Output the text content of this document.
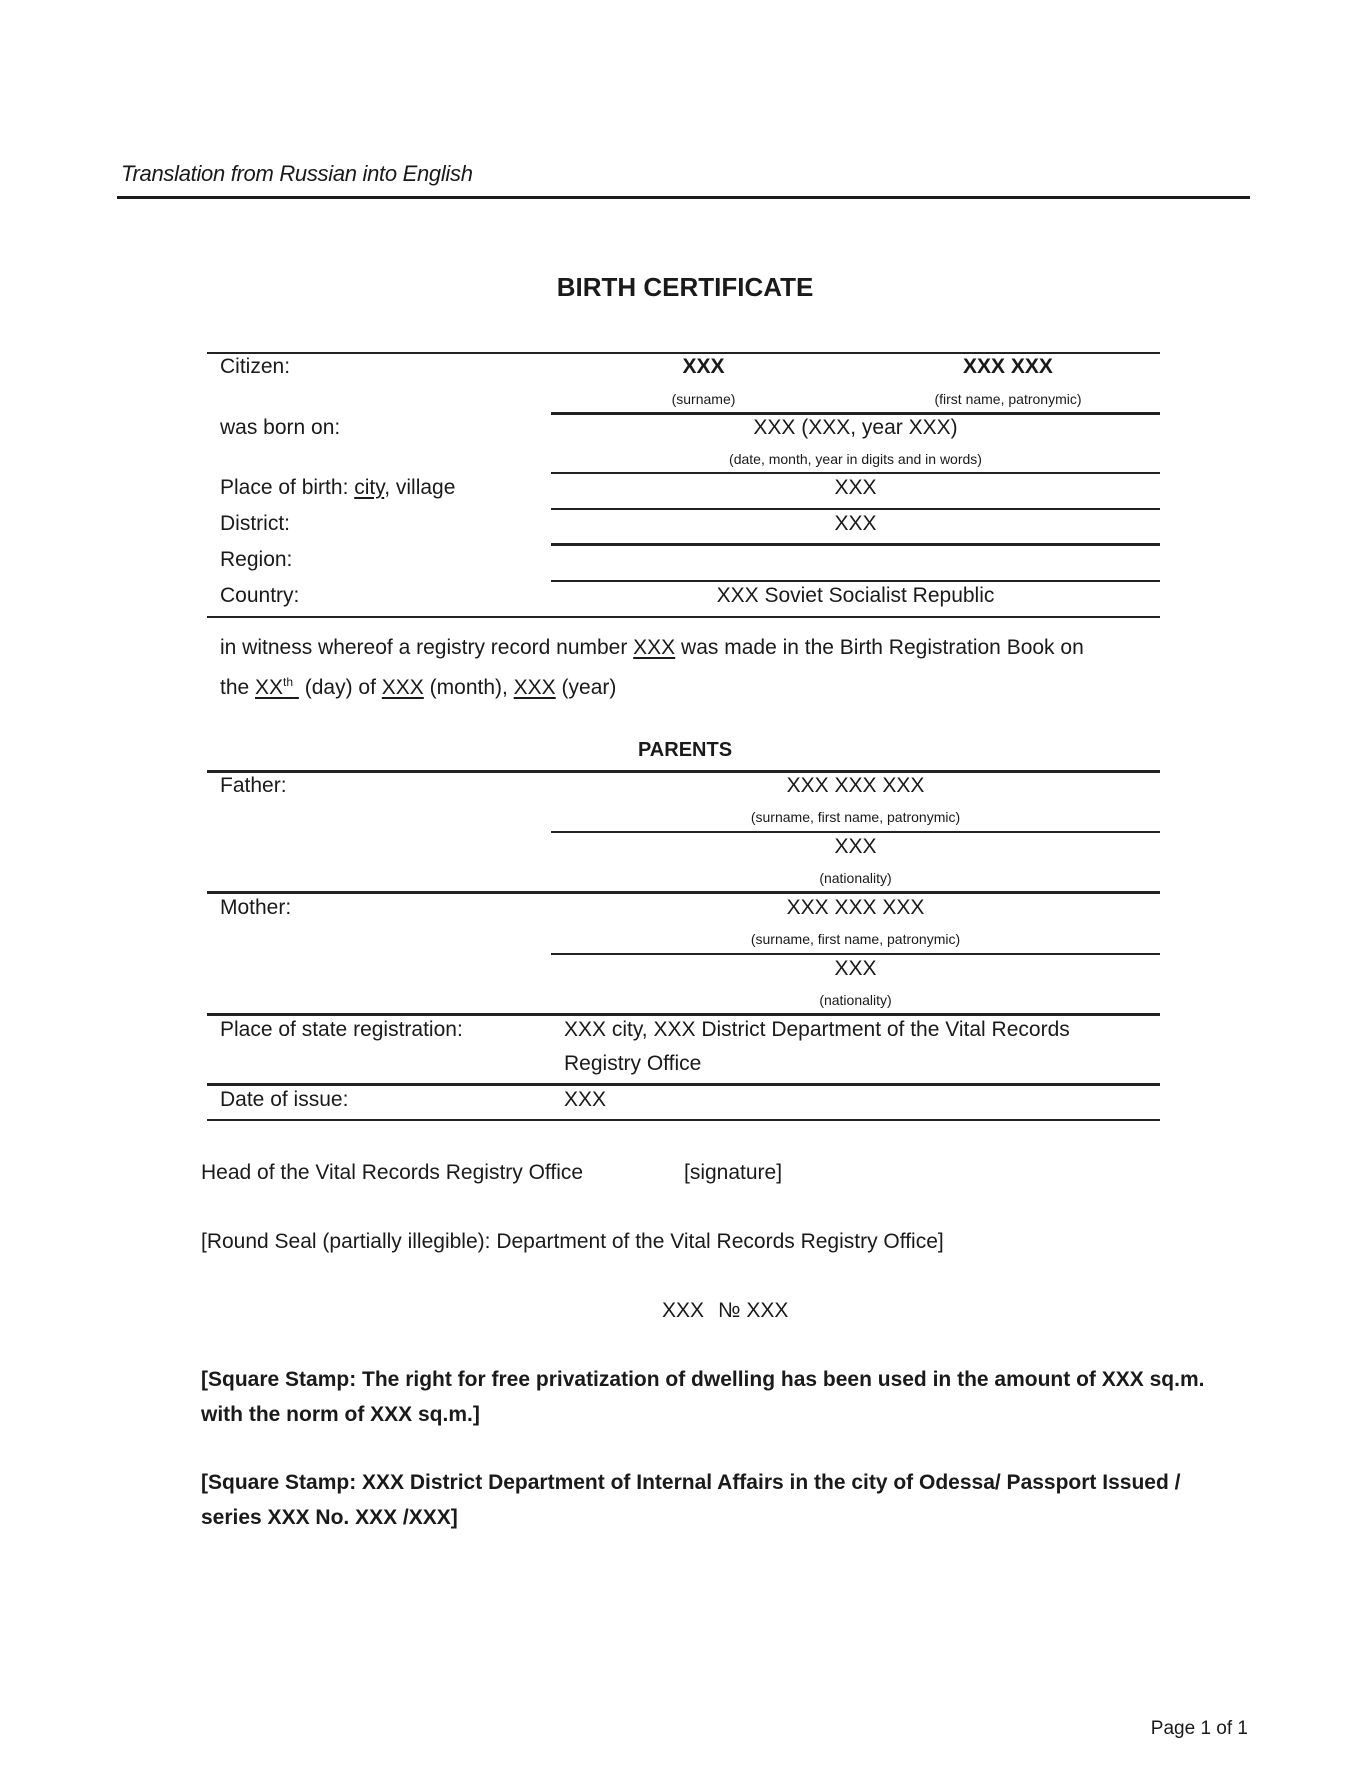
Translation from Russian into English
BIRTH CERTIFICATE
Citizen:	XXX	XXX XXX
(surname)	(first name, patronymic)
was born on:	XXX (XXX, year XXX)
(date, month, year in digits and in words)
Place of birth: city, village	XXX
District:	XXX
Region:
Country:	XXX Soviet Socialist Republic
in witness whereof a registry record number XXX was made in the Birth Registration Book on
the XXth  (day) of XXX (month), XXX (year)
PARENTS
Father:	XXX XXX XXX
(surname, first name, patronymic)
XXX
(nationality)
Mother:	XXX XXX XXX
(surname, first name, patronymic)
XXX
(nationality)
Place of state registration:	XXX city, XXX District Department of the Vital Records
Registry Office
Date of issue:	XXX
Head of the Vital Records Registry Office	[signature]
[Round Seal (partially illegible): Department of the Vital Records Registry Office]
XXX № XXX
[Square Stamp: The right for free privatization of dwelling has been used in the amount of XXX sq.m.
with the norm of XXX sq.m.]
[Square Stamp: XXX District Department of Internal Affairs in the city of Odessa/ Passport Issued /
series XXX No. XXX /XXX]
Page 1 of 1
